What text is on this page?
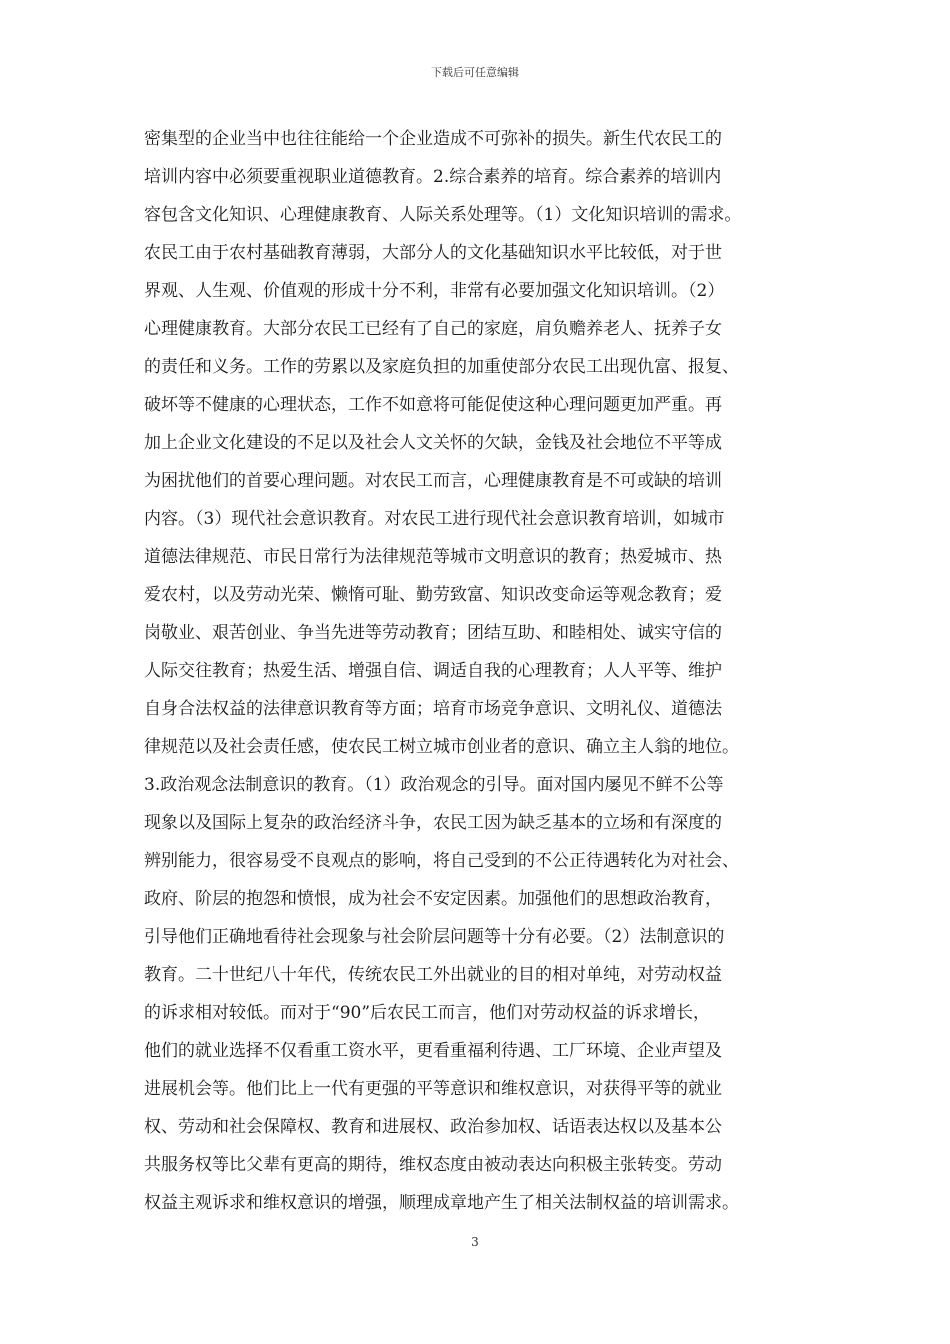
下载后可任意编辑
密集型的企业当中也往往能给一个企业造成不可弥补的损失。新生代农民工的
培训内容中必须要重视职业道德教育。2.综合素养的培育。综合素养的培训内
容包含文化知识、心理健康教育、人际关系处理等。（1）文化知识培训的需求。
农民工由于农村基础教育薄弱，大部分人的文化基础知识水平比较低，对于世
界观、人生观、价值观的形成十分不利，非常有必要加强文化知识培训。（2）
心理健康教育。大部分农民工已经有了自己的家庭，肩负赡养老人、抚养子女
的责任和义务。工作的劳累以及家庭负担的加重使部分农民工出现仇富、报复、
破坏等不健康的心理状态，工作不如意将可能促使这种心理问题更加严重。再
加上企业文化建设的不足以及社会人文关怀的欠缺，金钱及社会地位不平等成
为困扰他们的首要心理问题。对农民工而言，心理健康教育是不可或缺的培训
内容。（3）现代社会意识教育。对农民工进行现代社会意识教育培训，如城市
道德法律规范、市民日常行为法律规范等城市文明意识的教育；热爱城市、热
爱农村，以及劳动光荣、懒惰可耻、勤劳致富、知识改变命运等观念教育；爱
岗敬业、艰苦创业、争当先进等劳动教育；团结互助、和睦相处、诚实守信的
人际交往教育；热爱生活、增强自信、调适自我的心理教育；人人平等、维护
自身合法权益的法律意识教育等方面；培育市场竞争意识、文明礼仪、道德法
律规范以及社会责任感，使农民工树立城市创业者的意识、确立主人翁的地位。
3.政治观念法制意识的教育。（1）政治观念的引导。面对国内屡见不鲜不公等
现象以及国际上复杂的政治经济斗争，农民工因为缺乏基本的立场和有深度的
辨别能力，很容易受不良观点的影响，将自己受到的不公正待遇转化为对社会、
政府、阶层的抱怨和愤恨，成为社会不安定因素。加强他们的思想政治教育，
引导他们正确地看待社会现象与社会阶层问题等十分有必要。（2）法制意识的
教育。二十世纪八十年代，传统农民工外出就业的目的相对单纯，对劳动权益
的诉求相对较低。而对于“90”后农民工而言，他们对劳动权益的诉求增长，
他们的就业选择不仅看重工资水平，更看重福利待遇、工厂环境、企业声望及
进展机会等。他们比上一代有更强的平等意识和维权意识，对获得平等的就业
权、劳动和社会保障权、教育和进展权、政治参加权、话语表达权以及基本公
共服务权等比父辈有更高的期待，维权态度由被动表达向积极主张转变。劳动
权益主观诉求和维权意识的增强，顺理成章地产生了相关法制权益的培训需求。
3
